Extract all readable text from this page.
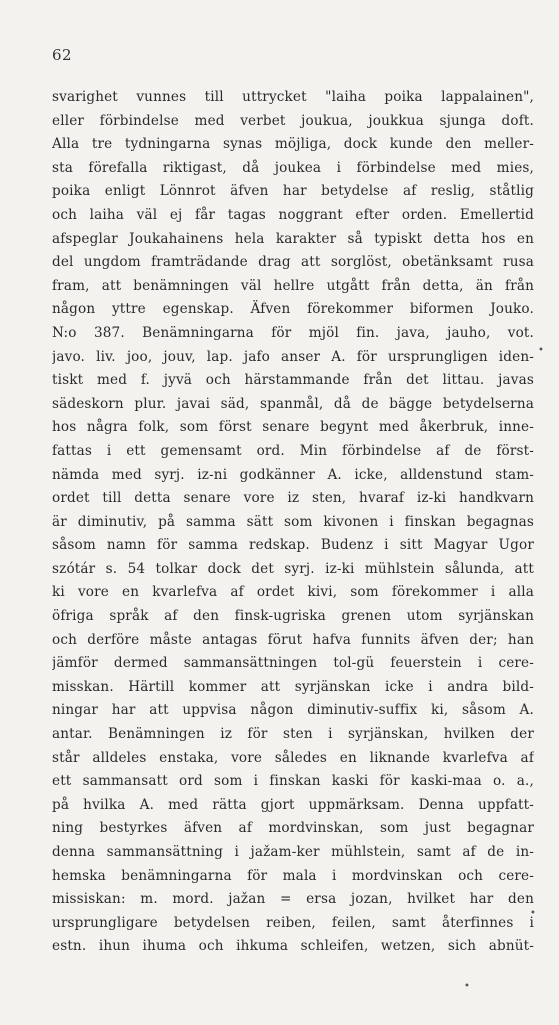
62
svarighet vunnes till uttrycket "laiha poika lappalainen",
eller förbindelse med verbet joukua, joukkua sjunga doft.
Alla tre tydningarna synas möjliga, dock kunde den meller-
sta förefalla riktigast, då joukea i förbindelse med mies,
poika enligt Lönnrot äfven har betydelse af reslig, ståtlig
och laiha väl ej får tagas noggrant efter orden. Emellertid
afspeglar Joukahainens hela karakter så typiskt detta hos en
del ungdom framträdande drag att sorglöst, obetänksamt rusa
fram, att benämningen väl hellre utgått från detta, än från
någon yttre egenskap. Äfven förekommer biformen Jouko.
N:o 387. Benämningarna för mjöl fin. java, jauho, vot.
javo. liv. joo, jouv, lap. jafo anser A. för ursprungligen iden-
tiskt med f. jyvä och härstammande från det littau. javas
sädeskorn plur. javai säd, spanmål, då de bägge betydelserna
hos några folk, som först senare begynt med åkerbruk, inne-
fattas i ett gemensamt ord. Min förbindelse af de först-
nämda med syrj. iz-ni godkänner A. icke, alldenstund stam-
ordet till detta senare vore iz sten, hvaraf iz-ki handkvarn
är diminutiv, på samma sätt som kivonen i finskan begagnas
såsom namn för samma redskap. Budenz i sitt Magyar Ugor
szótár s. 54 tolkar dock det syrj. iz-ki mühlstein sålunda, att
ki vore en kvarlefva af ordet kivi, som förekommer i alla
öfriga språk af den finsk-ugriska grenen utom syrjänskan
och derföre måste antagas förut hafva funnits äfven der; han
jämför dermed sammansättningen tol-gü feuerstein i cere-
misskan. Härtill kommer att syrjänskan icke i andra bild-
ningar har att uppvisa någon diminutiv-suffix ki, såsom A.
antar. Benämningen iz för sten i syrjänskan, hvilken der
står alldeles enstaka, vore således en liknande kvarlefva af
ett sammansatt ord som i finskan kaski för kaski-maa o. a.,
på hvilka A. med rätta gjort uppmärksam. Denna uppfatt-
ning bestyrkes äfven af mordvinskan, som just begagnar
denna sammansättning i jažam-ker mühlstein, samt af de in-
hemska benämningarna för mala i mordvinskan och cere-
missiskan: m. mord. jažan = ersa jozan, hvilket har den
ursprungligare betydelsen reiben, feilen, samt återfinnes i
estn. ihun ihuma och ihkuma schleifen, wetzen, sich abnüt-
•
•
•
